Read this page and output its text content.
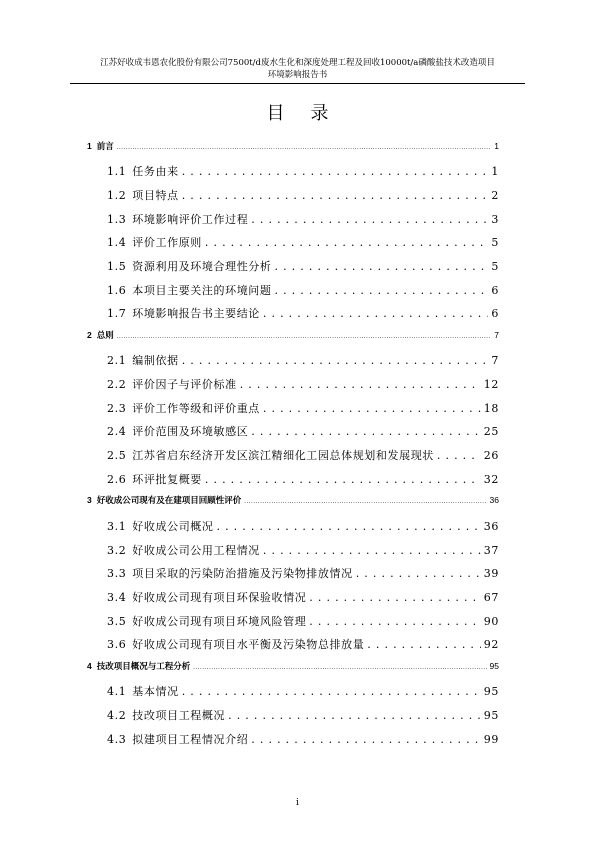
江苏好收成韦恩农化股份有限公司7500t/d废水生化和深度处理工程及回收10000t/a磷酸盐技术改造项目
环境影响报告书
目录
1 前言 .....	1
1.1 任务由来 . . .	1
1.2 项目特点 . . .	2
1.3 环境影响评价工作过程 . . .	3
1.4 评价工作原则 . . .	5
1.5 资源利用及环境合理性分析 . . .	5
1.6 本项目主要关注的环境问题 . . .	6
1.7 环境影响报告书主要结论 . . .	6
2 总则 .....	7
2.1 编制依据 . . .	7
2.2 评价因子与评价标准 . . .	12
2.3 评价工作等级和评价重点 . . .	18
2.4 评价范围及环境敏感区 . . .	25
2.5 江苏省启东经济开发区滨江精细化工园总体规划和发展现状 . . .	26
2.6 环评批复概要 . . .	32
3 好收成公司现有及在建项目回顾性评价 .....	36
3.1 好收成公司概况 . . .	36
3.2 好收成公司公用工程情况 . . .	37
3.3 项目采取的污染防治措施及污染物排放情况 . . .	39
3.4 好收成公司现有项目环保验收情况 . . .	67
3.5 好收成公司现有项目环境风险管理 . . .	90
3.6 好收成公司现有项目水平衡及污染物总排放量 . . .	92
4 技改项目概况与工程分析 .....	95
4.1 基本情况 . . .	95
4.2 技改项目工程概况 . . .	95
4.3 拟建项目工程情况介绍 . . .	99
i
